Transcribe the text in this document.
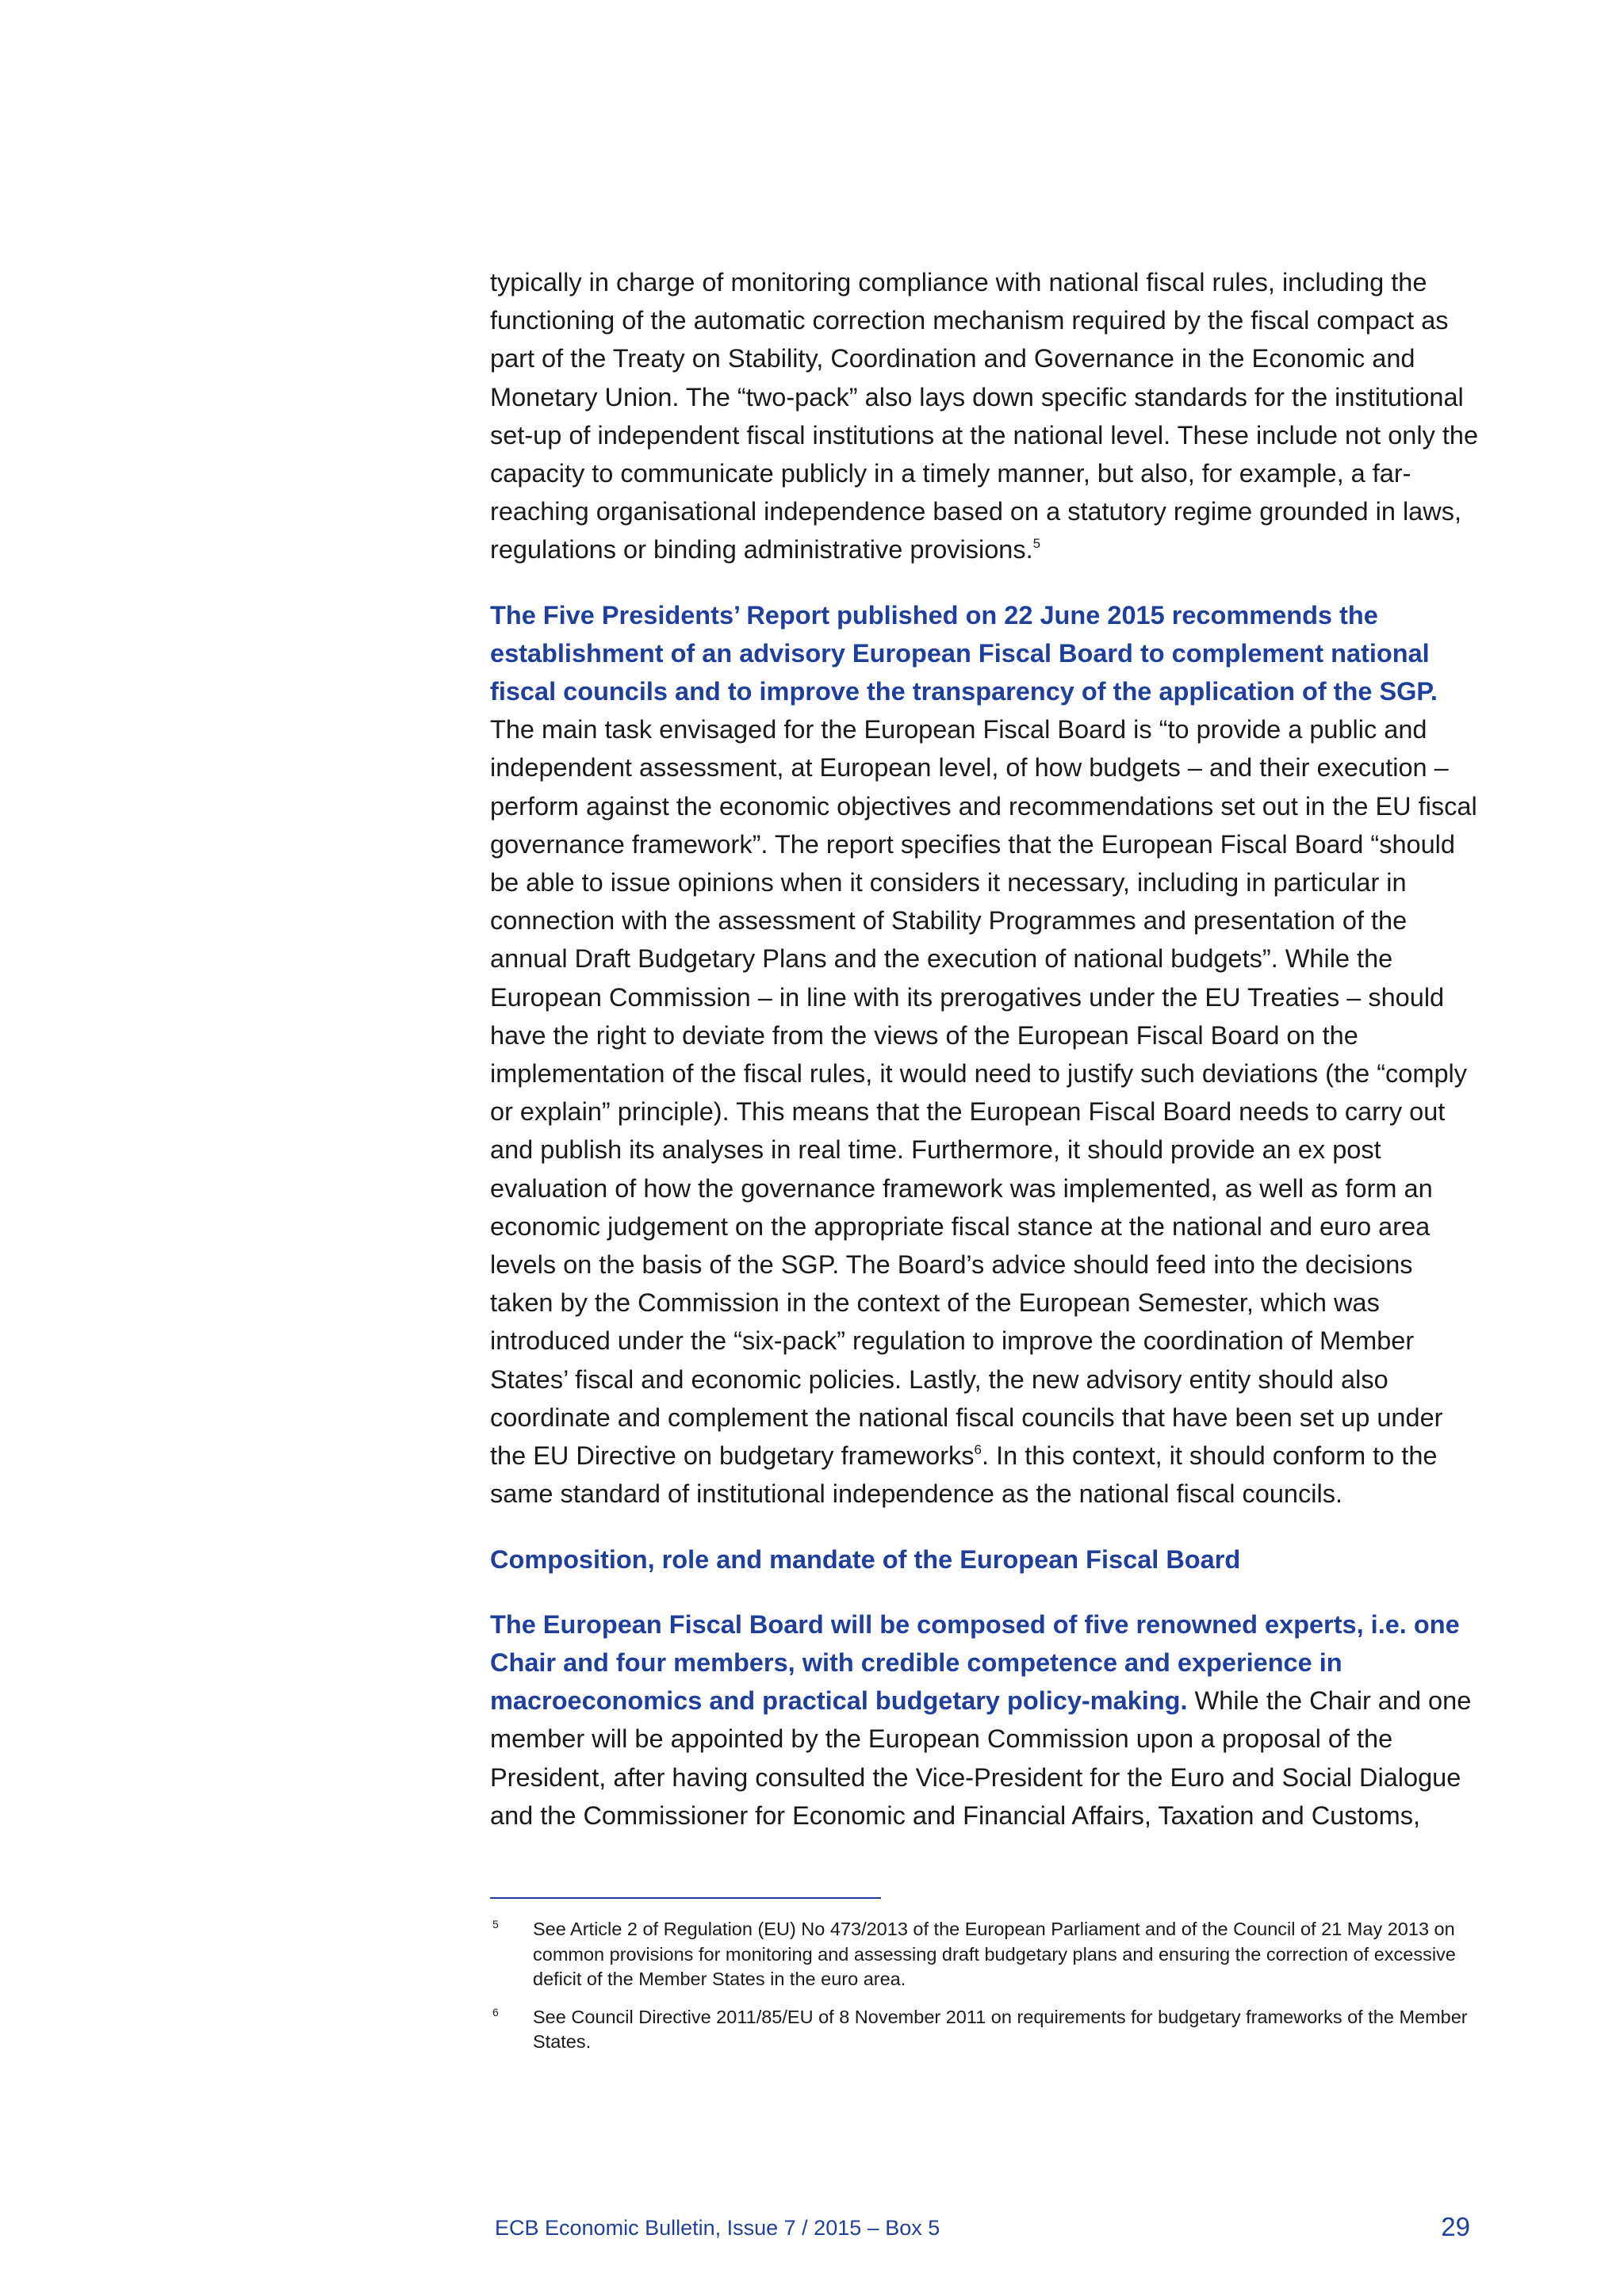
typically in charge of monitoring compliance with national fiscal rules, including the functioning of the automatic correction mechanism required by the fiscal compact as part of the Treaty on Stability, Coordination and Governance in the Economic and Monetary Union. The “two-pack” also lays down specific standards for the institutional set-up of independent fiscal institutions at the national level. These include not only the capacity to communicate publicly in a timely manner, but also, for example, a far-reaching organisational independence based on a statutory regime grounded in laws, regulations or binding administrative provisions.$^5$

The Five Presidents’ Report published on 22 June 2015 recommends the establishment of an advisory European Fiscal Board to complement national fiscal councils and to improve the transparency of the application of the SGP. The main task envisaged for the European Fiscal Board is “to provide a public and independent assessment, at European level, of how budgets – and their execution – perform against the economic objectives and recommendations set out in the EU fiscal governance framework”. The report specifies that the European Fiscal Board “should be able to issue opinions when it considers it necessary, including in particular in connection with the assessment of Stability Programmes and presentation of the annual Draft Budgetary Plans and the execution of national budgets”. While the European Commission – in line with its prerogatives under the EU Treaties – should have the right to deviate from the views of the European Fiscal Board on the implementation of the fiscal rules, it would need to justify such deviations (the “comply or explain” principle). This means that the European Fiscal Board needs to carry out and publish its analyses in real time. Furthermore, it should provide an ex post evaluation of how the governance framework was implemented, as well as form an economic judgement on the appropriate fiscal stance at the national and euro area levels on the basis of the SGP. The Board’s advice should feed into the decisions taken by the Commission in the context of the European Semester, which was introduced under the “six-pack” regulation to improve the coordination of Member States’ fiscal and economic policies. Lastly, the new advisory entity should also coordinate and complement the national fiscal councils that have been set up under the EU Directive on budgetary frameworks$^6$. In this context, it should conform to the same standard of institutional independence as the national fiscal councils.

Composition, role and mandate of the European Fiscal Board

The European Fiscal Board will be composed of five renowned experts, i.e. one Chair and four members, with credible competence and experience in macroeconomics and practical budgetary policy-making. While the Chair and one member will be appointed by the European Commission upon a proposal of the President, after having consulted the Vice-President for the Euro and Social Dialogue and the Commissioner for Economic and Financial Affairs, Taxation and Customs,

5 See Article 2 of Regulation (EU) No 473/2013 of the European Parliament and of the Council of 21 May 2013 on common provisions for monitoring and assessing draft budgetary plans and ensuring the correction of excessive deficit of the Member States in the euro area.
6 See Council Directive 2011/85/EU of 8 November 2011 on requirements for budgetary frameworks of the Member States.
ECB Economic Bulletin, Issue 7 / 2015 – Box 5	29
